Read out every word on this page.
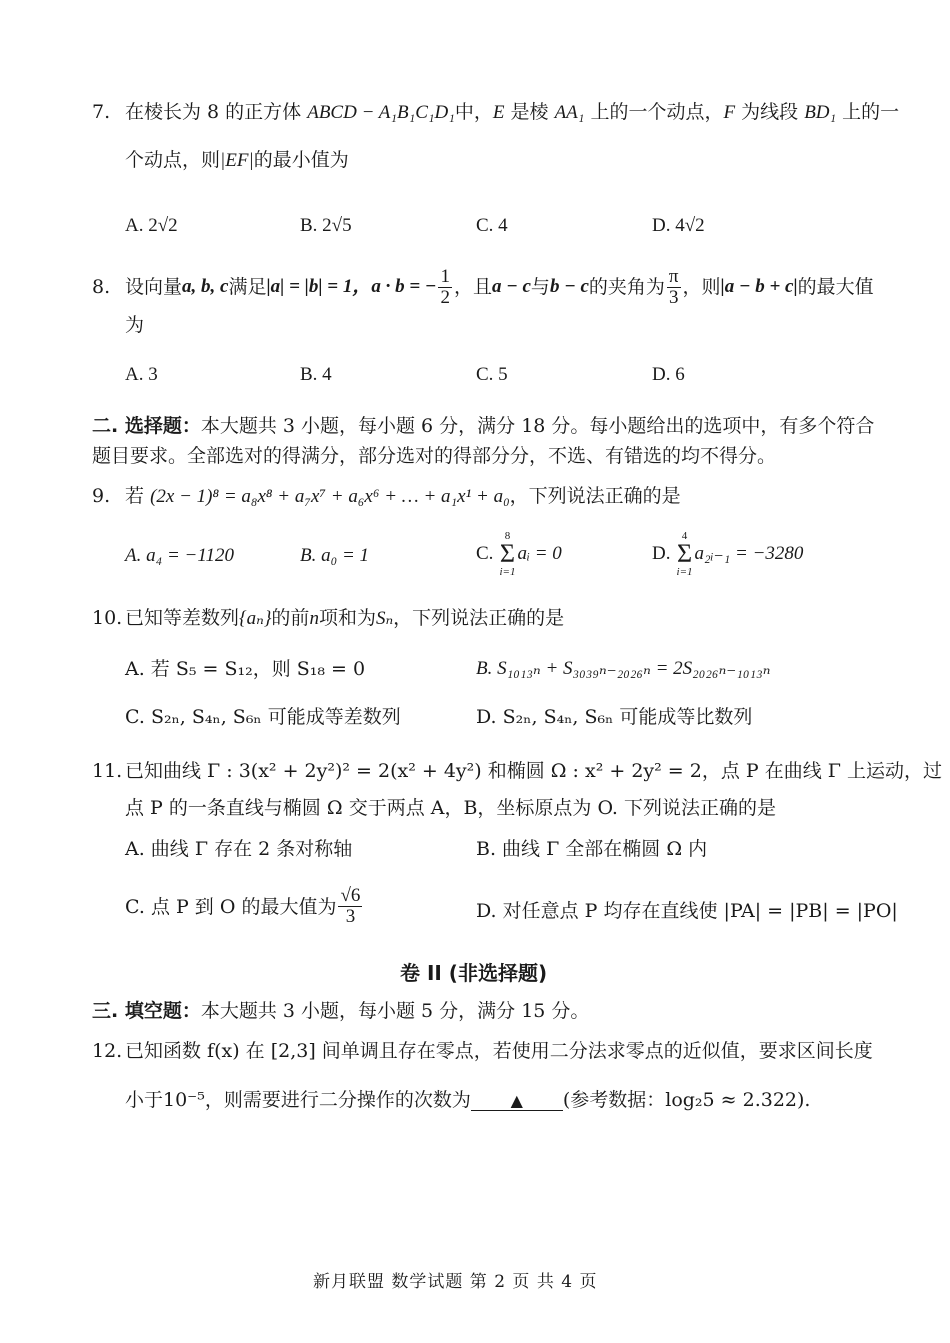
7. 在棱长为 8 的正方体 ABCD − A₁B₁C₁D₁中，E 是棱 AA₁ 上的一个动点，F 为线段 BD₁ 上的一
个动点，则|EF|的最小值为
A. 2√2	B. 2√5	C. 4	D. 4√2
8. 设向量 a, b, c 满足 |a| = |b| = 1， a · b = − $\frac{1}{2}$ ，且 a − c 与 b − c 的夹角为 $\frac{\pi}{3}$ ，则 |a − b + c| 的最大值
为
A. 3	B. 4	C. 5	D. 6
二. 选择题：本大题共 3 小题，每小题 6 分，满分 18 分。每小题给出的选项中，有多个符合
题目要求。全部选对的得满分，部分选对的得部分分，不选、有错选的均不得分。
9. 若 (2x − 1)⁸ = a₈x⁸ + a₇x⁷ + a₆x⁶ + … + a₁x¹ + a₀，下列说法正确的是
A. a₄ = −1120	B. a₀ = 1	C.

8
Σ
i=1
aᵢ = 0	D.

4
Σ
i=1
a₂ᵢ₋₁ = −3280
10. 已知等差数列{aₙ}的前n项和为Sₙ，下列说法正确的是
A. 若 S₅ = S₁₂，则 S₁₈ = 0	B. S₁₀₁₃ₙ + S₃₀₃₉ₙ₋₂₀₂₆ₙ = 2S₂₀₂₆ₙ₋₁₀₁₃ₙ
C. S₂ₙ, S₄ₙ, S₆ₙ 可能成等差数列	D. S₂ₙ, S₄ₙ, S₆ₙ 可能成等比数列
11. 已知曲线 Γ : 3(x² + 2y²)² = 2(x² + 4y²) 和椭圆 Ω : x² + 2y² = 2，点 P 在曲线 Γ 上运动，过
点 P 的一条直线与椭圆 Ω 交于两点 A，B，坐标原点为 O. 下列说法正确的是
A. 曲线 Γ 存在 2 条对称轴	B. 曲线 Γ 全部在椭圆 Ω 内
C. 点 P 到 O 的最大值为 $\frac{√6}{3}$	D. 对任意点 P 均存在直线使 |PA| = |PB| = |PO|
卷 II (非选择题)
三. 填空题：本大题共 3 小题，每小题 5 分，满分 15 分。
12. 已知函数 f(x) 在 [2,3] 间单调且存在零点，若使用二分法求零点的近似值，要求区间长度
小于10⁻⁵，则需要进行二分操作的次数为 ▲ (参考数据：log₂5 ≈ 2.322).
新月联盟 数学试题 第 2 页 共 4 页
